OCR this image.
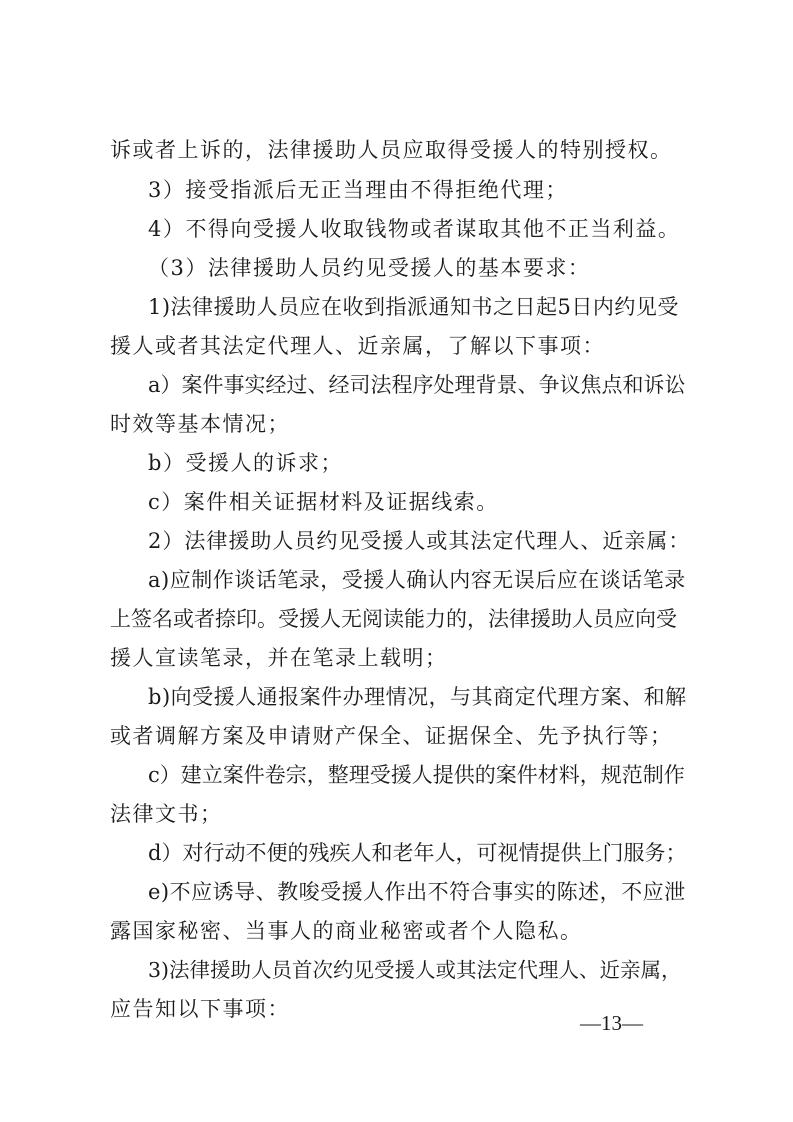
诉或者上诉的，法律援助人员应取得受援人的特别授权。
3）接受指派后无正当理由不得拒绝代理；
4）不得向受援人收取钱物或者谋取其他不正当利益。
（3）法律援助人员约见受援人的基本要求：
1)法律援助人员应在收到指派通知书之日起5日内约见受
援人或者其法定代理人、近亲属，了解以下事项：
a）案件事实经过、经司法程序处理背景、争议焦点和诉讼
时效等基本情况；
b）受援人的诉求；
c）案件相关证据材料及证据线索。
2）法律援助人员约见受援人或其法定代理人、近亲属：
a)应制作谈话笔录，受援人确认内容无误后应在谈话笔录
上签名或者捺印。受援人无阅读能力的，法律援助人员应向受
援人宣读笔录，并在笔录上载明；
b)向受援人通报案件办理情况，与其商定代理方案、和解
或者调解方案及申请财产保全、证据保全、先予执行等；
c）建立案件卷宗，整理受援人提供的案件材料，规范制作
法律文书；
d）对行动不便的残疾人和老年人，可视情提供上门服务；
e)不应诱导、教唆受援人作出不符合事实的陈述，不应泄
露国家秘密、当事人的商业秘密或者个人隐私。
3)法律援助人员首次约见受援人或其法定代理人、近亲属，
应告知以下事项：
—13—
